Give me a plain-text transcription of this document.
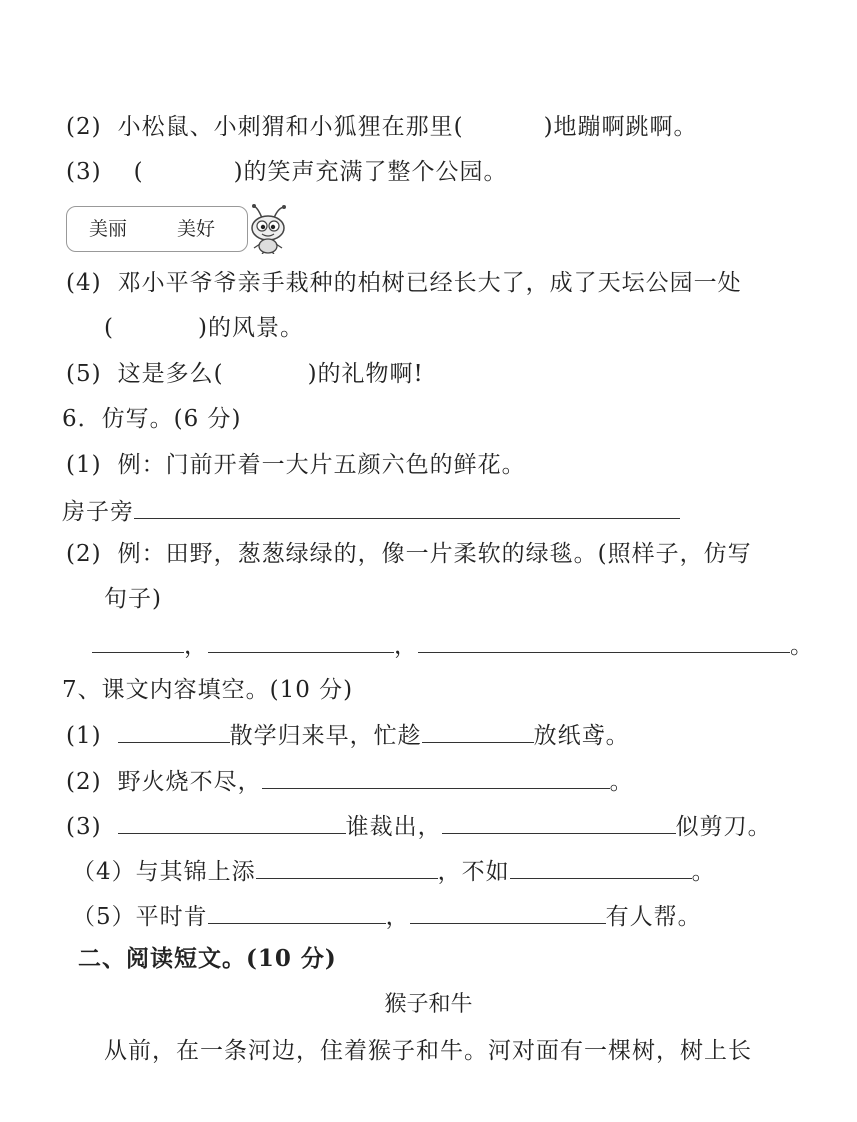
(2) 小松鼠、小刺猬和小狐狸在那里(	)地蹦啊跳啊。
(3) (	)的笑声充满了整个公园。
美丽	美好
(4) 邓小平爷爷亲手栽种的柏树已经长大了，成了天坛公园一处
(	)的风景。
(5) 这是多么(	)的礼物啊!
6．仿写。(6 分)
(1) 例：门前开着一大片五颜六色的鲜花。
房子旁
(2) 例：田野，葱葱绿绿的，像一片柔软的绿毯。(照样子，仿写
句子)
，	，	。
7、课文内容填空。(10 分)
(1)	散学归来早，忙趁	放纸鸢。
(2) 野火烧不尽，	。
(3)	谁裁出，	似剪刀。
（4）与其锦上添	，不如	。
（5）平时肯	，	有人帮。
二、阅读短文。(10 分)
猴子和牛
从前，在一条河边，住着猴子和牛。河对面有一棵树，树上长
